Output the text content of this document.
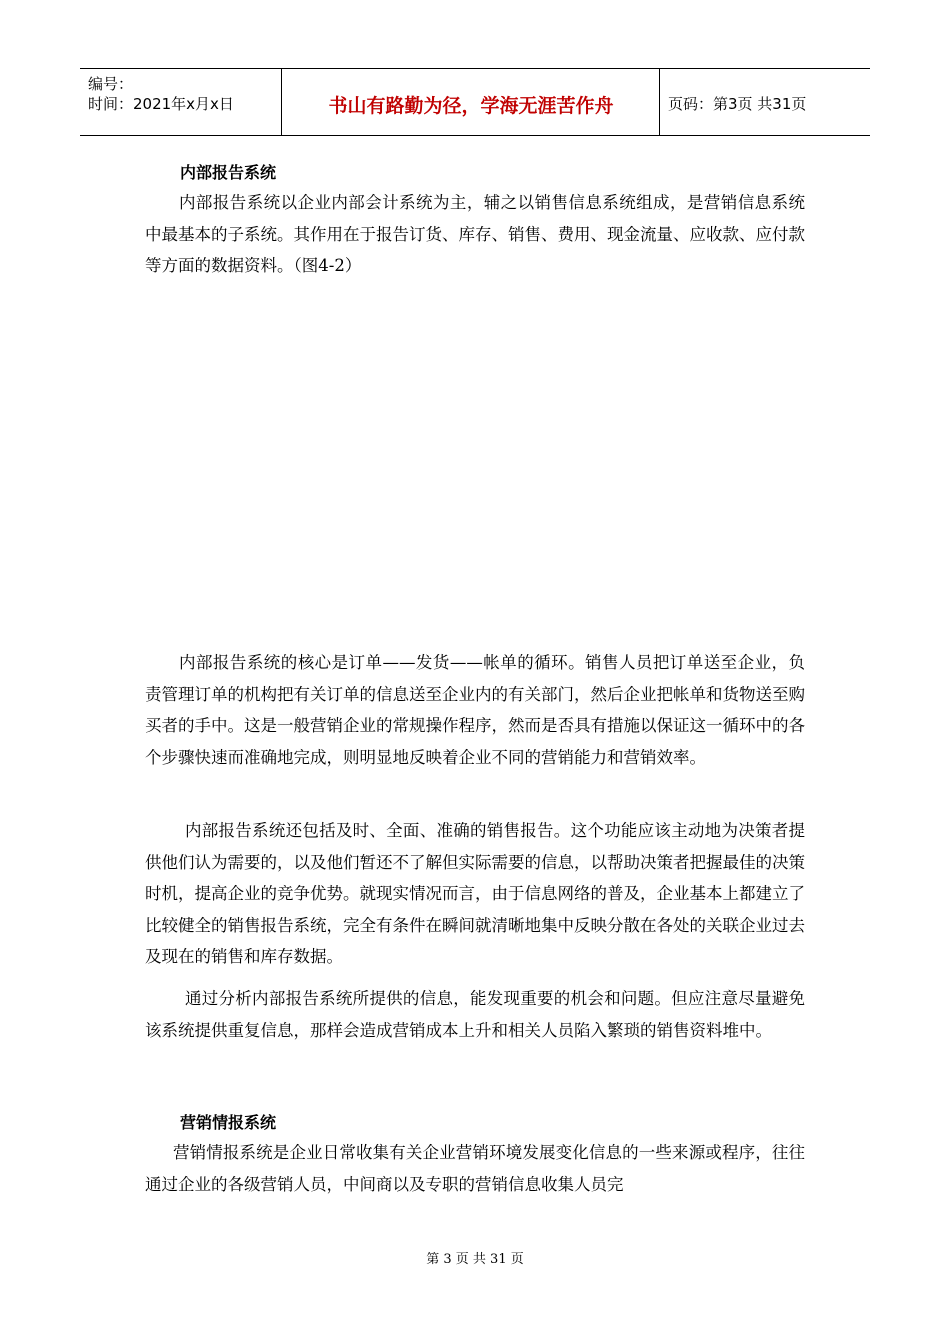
编号：
时间：2021年x月x日	书山有路勤为径，学海无涯苦作舟	页码：第3页 共31页
内部报告系统

内部报告系统以企业内部会计系统为主，辅之以销售信息系统组成，是营销信息系统中最基本的子系统。其作用在于报告订货、库存、销售、费用、现金流量、应收款、应付款等方面的数据资料。（图4-2）

内部报告系统的核心是订单——发货——帐单的循环。销售人员把订单送至企业，负责管理订单的机构把有关订单的信息送至企业内的有关部门，然后企业把帐单和货物送至购买者的手中。这是一般营销企业的常规操作程序，然而是否具有措施以保证这一循环中的各个步骤快速而准确地完成，则明显地反映着企业不同的营销能力和营销效率。

内部报告系统还包括及时、全面、准确的销售报告。这个功能应该主动地为决策者提供他们认为需要的，以及他们暂还不了解但实际需要的信息，以帮助决策者把握最佳的决策时机，提高企业的竞争优势。就现实情况而言，由于信息网络的普及，企业基本上都建立了比较健全的销售报告系统，完全有条件在瞬间就清晰地集中反映分散在各处的关联企业过去及现在的销售和库存数据。

通过分析内部报告系统所提供的信息，能发现重要的机会和问题。但应注意尽量避免该系统提供重复信息，那样会造成营销成本上升和相关人员陷入繁琐的销售资料堆中。

营销情报系统

营销情报系统是企业日常收集有关企业营销环境发展变化信息的一些来源或程序，往往通过企业的各级营销人员，中间商以及专职的营销信息收集人员完

第 3 页 共 31 页
